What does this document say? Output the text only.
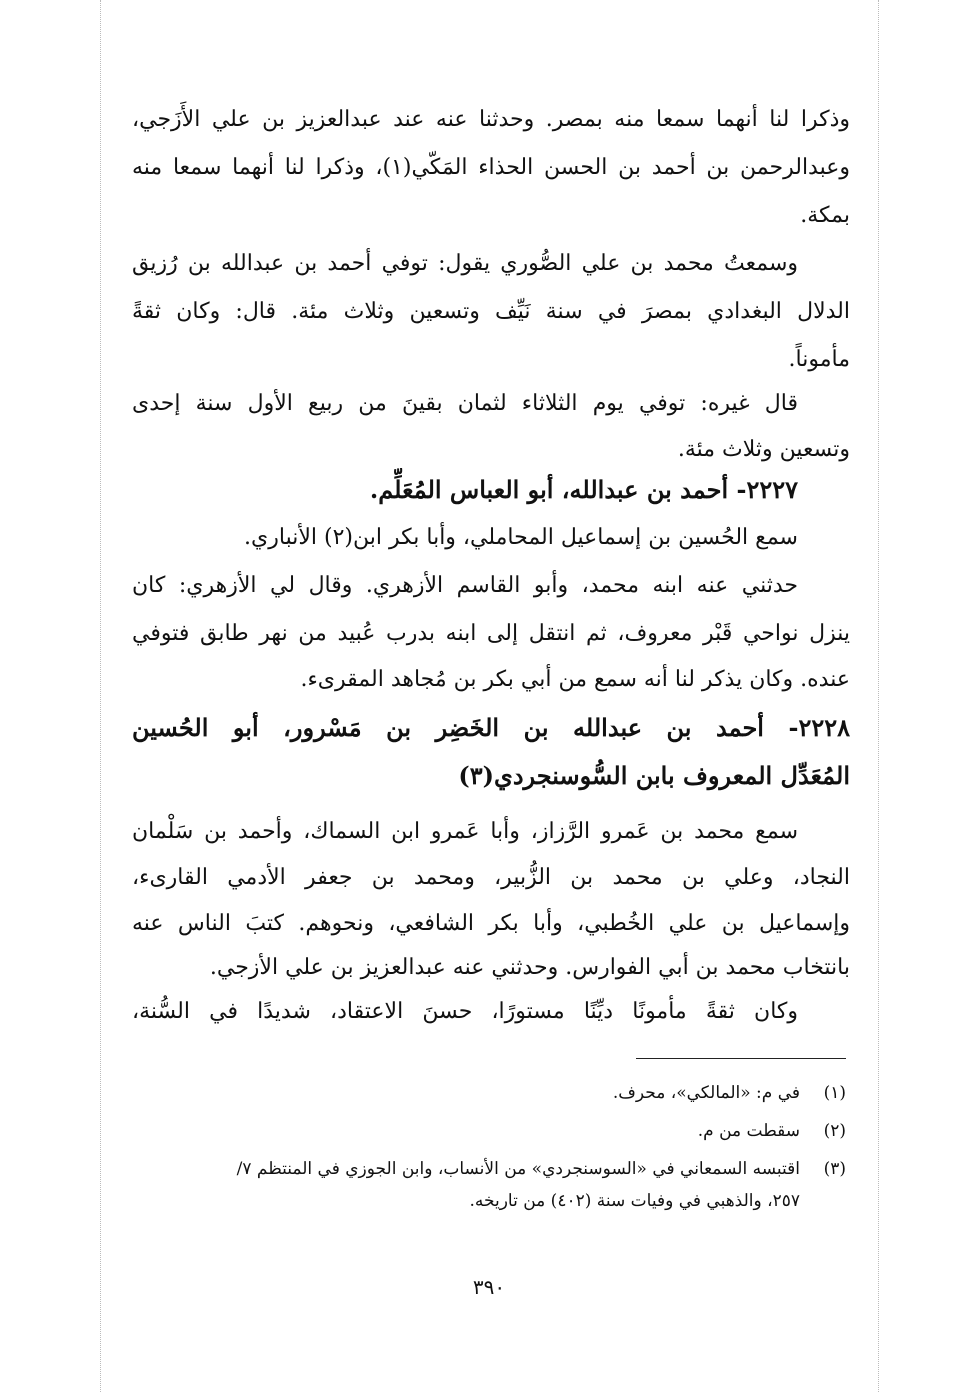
وذكرا لنا أنهما سمعا منه بمصر. وحدثنا عنه عند عبدالعزيز بن علي الأَزَجي،
وعبدالرحمن بن أحمد بن الحسن الحذاء المَكّي(١)، وذكرا لنا أنهما سمعا منه
بمكة.
وسمعتُ محمد بن علي الصُّوري يقول: توفي أحمد بن عبدالله بن رُزيق
الدلال البغدادي بمصرَ في سنة نَيِّف وتسعين وثلاث مئة. قال: وكان ثقةً
مأموناً.
قال غيره: توفي يوم الثلاثاء لثمان بقينَ من ربيع الأول سنة إحدى
وتسعين وثلاث مئة.
٢٢٢٧- أحمد بن عبدالله، أبو العباس المُعَلِّم.
سمع الحُسين بن إسماعيل المحاملي، وأبا بكر ابن(٢) الأنباري.
حدثني عنه ابنه محمد، وأبو القاسم الأزهري. وقال لي الأزهري: كان
ينزل نواحي قَبْر معروف، ثم انتقل إلى ابنه بدرب عُبيد من نهر طابق فتوفي
عنده. وكان يذكر لنا أنه سمع من أبي بكر بن مُجاهد المقرىء.
٢٢٢٨- أحمد بن عبدالله بن الخَضِر بن مَسْرور، أبو الحُسين
المُعَدِّل المعروف بابن السُّوسنجردي(٣)
سمع محمد بن عَمرو الرَّزاز، وأبا عَمرو ابن السماك، وأحمد بن سَلْمان
النجاد، وعلي بن محمد بن الزُّبير، ومحمد بن جعفر الأدمي القارىء،
وإسماعيل بن علي الخُطبي، وأبا بكر الشافعي، ونحوهم. كتبَ الناس عنه
بانتخاب محمد بن أبي الفوارس. وحدثني عنه عبدالعزيز بن علي الأزجي.
وكان ثقةً مأمونًا ديِّنًا مستورًا، حسنَ الاعتقاد، شديدًا في السُّنة،
(١)في م: «المالكي»، محرف.
(٢)سقطت من م.
(٣)اقتبسه السمعاني في «السوسنجردي» من الأنساب، وابن الجوزي في المنتظم ٧/
٢٥٧، والذهبي في وفيات سنة (٤٠٢) من تاريخه.
٣٩٠
